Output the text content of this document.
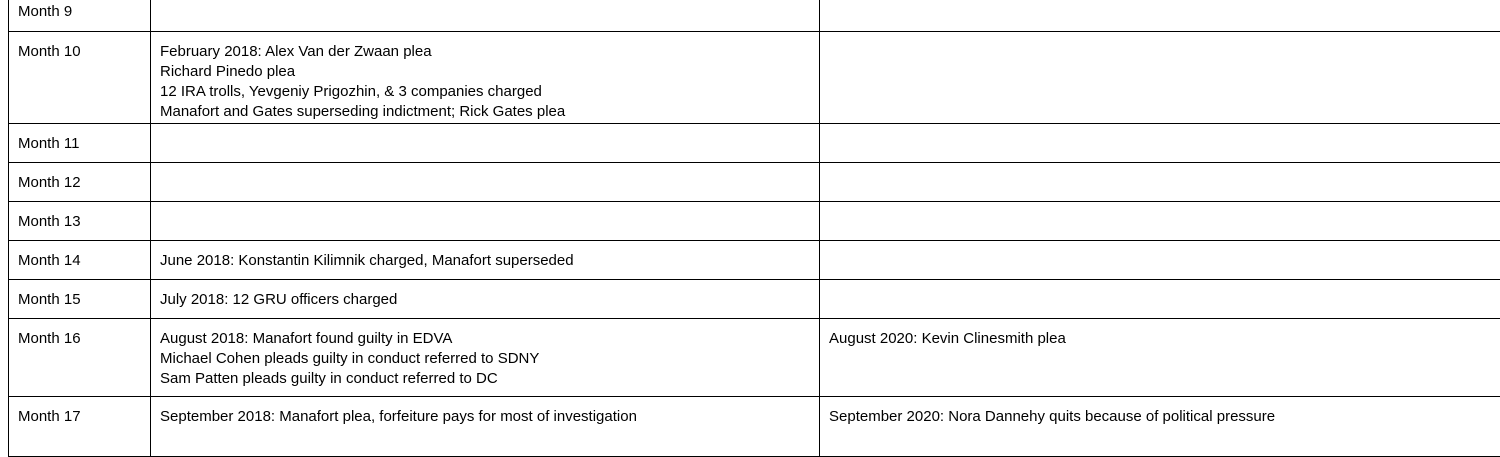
Month 9		

Month 10	February 2018: Alex Van der Zwaan plea
Richard Pinedo plea
12 IRA trolls, Yevgeniy Prigozhin, & 3 companies charged
Manafort and Gates superseding indictment; Rick Gates plea	

Month 11		

Month 12		

Month 13		

Month 14	June 2018: Konstantin Kilimnik charged, Manafort superseded	

Month 15	July 2018: 12 GRU officers charged	

Month 16	August 2018: Manafort found guilty in EDVA
Michael Cohen pleads guilty in conduct referred to SDNY
Sam Patten pleads guilty in conduct referred to DC	August 2020: Kevin Clinesmith plea

Month 17	September 2018: Manafort plea, forfeiture pays for most of investigation	September 2020: Nora Dannehy quits because of political pressure
